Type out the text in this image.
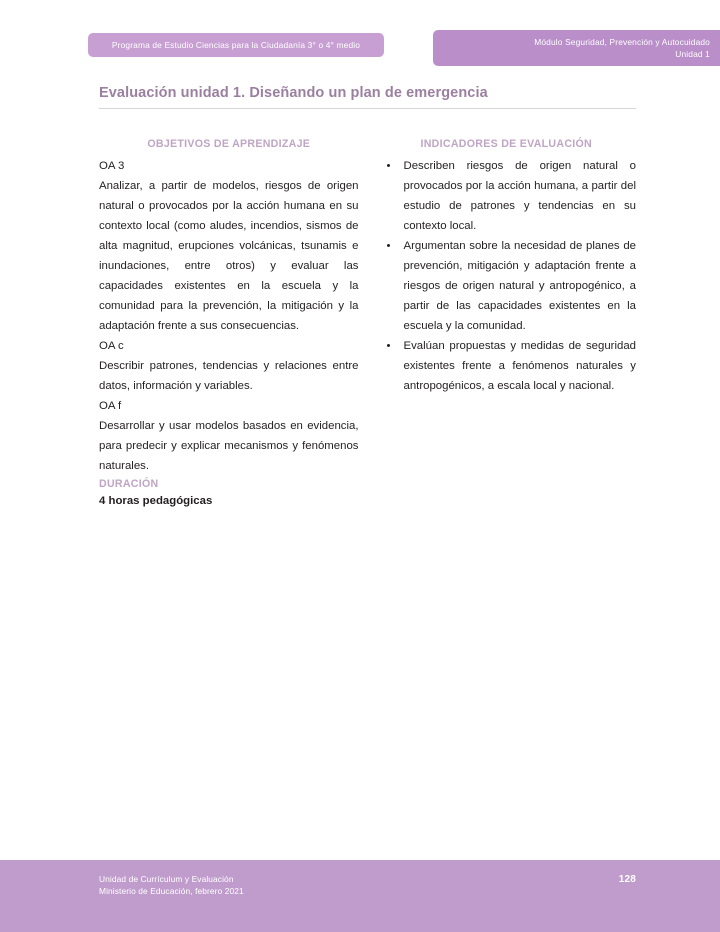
Programa de Estudio Ciencias para la Ciudadanía 3° o 4° medio	Módulo Seguridad, Prevención y Autocuidado
Unidad 1
Evaluación unidad 1. Diseñando un plan de emergencia
OBJETIVOS DE APRENDIZAJE
OA 3
Analizar, a partir de modelos, riesgos de origen natural o provocados por la acción humana en su contexto local (como aludes, incendios, sismos de alta magnitud, erupciones volcánicas, tsunamis e inundaciones, entre otros) y evaluar las capacidades existentes en la escuela y la comunidad para la prevención, la mitigación y la adaptación frente a sus consecuencias.
OA c
Describir patrones, tendencias y relaciones entre datos, información y variables.
OA f
Desarrollar y usar modelos basados en evidencia, para predecir y explicar mecanismos y fenómenos naturales.
INDICADORES DE EVALUACIÓN
• Describen riesgos de origen natural o provocados por la acción humana, a partir del estudio de patrones y tendencias en su contexto local.
• Argumentan sobre la necesidad de planes de prevención, mitigación y adaptación frente a riesgos de origen natural y antropogénico, a partir de las capacidades existentes en la escuela y la comunidad.
• Evalúan propuestas y medidas de seguridad existentes frente a fenómenos naturales y antropogénicos, a escala local y nacional.
DURACIÓN
4 horas pedagógicas
Unidad de Currículum y Evaluación
Ministerio de Educación, febrero 2021
128
